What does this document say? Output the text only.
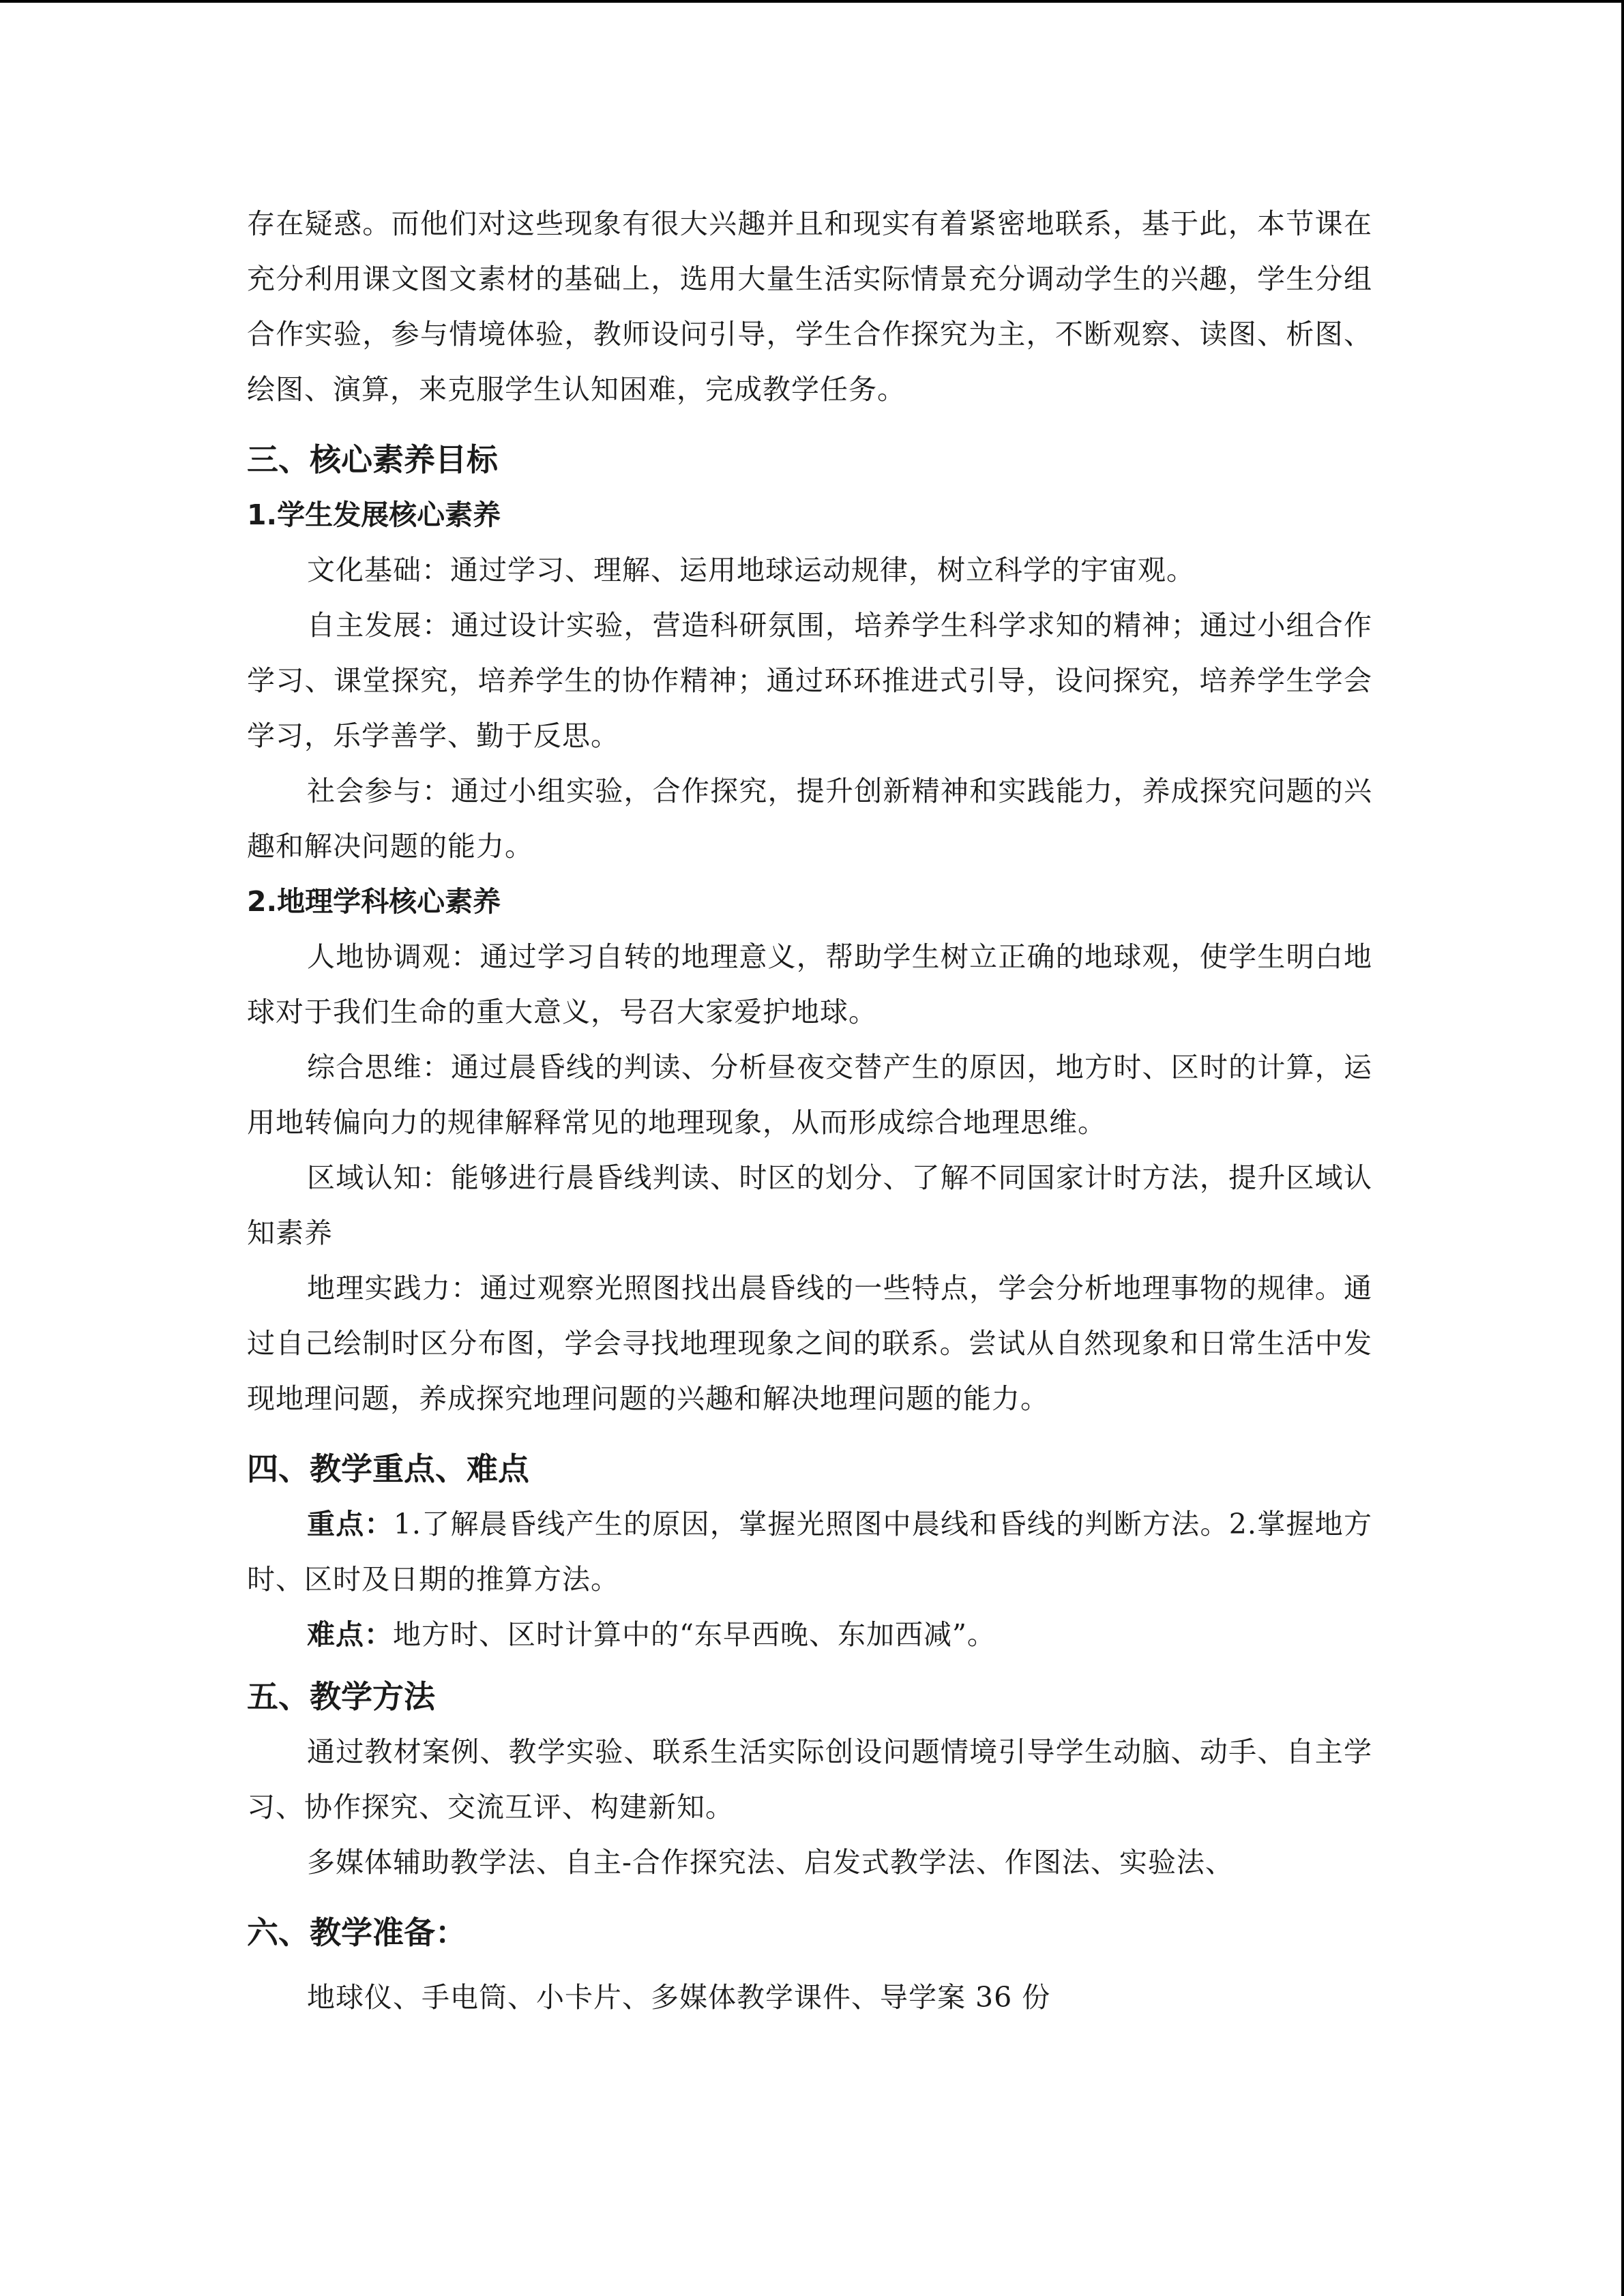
存在疑惑。而他们对这些现象有很大兴趣并且和现实有着紧密地联系，基于此，本节课在充分利用课文图文素材的基础上，选用大量生活实际情景充分调动学生的兴趣，学生分组合作实验，参与情境体验，教师设问引导，学生合作探究为主，不断观察、读图、析图、绘图、演算，来克服学生认知困难，完成教学任务。

三、核心素养目标
1.学生发展核心素养

文化基础：通过学习、理解、运用地球运动规律，树立科学的宇宙观。

自主发展：通过设计实验，营造科研氛围，培养学生科学求知的精神；通过小组合作学习、课堂探究，培养学生的协作精神；通过环环推进式引导，设问探究，培养学生学会学习，乐学善学、勤于反思。

社会参与：通过小组实验，合作探究，提升创新精神和实践能力，养成探究问题的兴趣和解决问题的能力。

2.地理学科核心素养

人地协调观：通过学习自转的地理意义，帮助学生树立正确的地球观，使学生明白地球对于我们生命的重大意义，号召大家爱护地球。

综合思维：通过晨昏线的判读、分析昼夜交替产生的原因，地方时、区时的计算，运用地转偏向力的规律解释常见的地理现象，从而形成综合地理思维。

区域认知：能够进行晨昏线判读、时区的划分、了解不同国家计时方法，提升区域认知素养

地理实践力：通过观察光照图找出晨昏线的一些特点，学会分析地理事物的规律。通过自己绘制时区分布图，学会寻找地理现象之间的联系。尝试从自然现象和日常生活中发现地理问题，养成探究地理问题的兴趣和解决地理问题的能力。

四、教学重点、难点

重点：1.了解晨昏线产生的原因，掌握光照图中晨线和昏线的判断方法。2.掌握地方时、区时及日期的推算方法。

难点：地方时、区时计算中的“东早西晚、东加西减”。

五、教学方法

通过教材案例、教学实验、联系生活实际创设问题情境引导学生动脑、动手、自主学习、协作探究、交流互评、构建新知。

多媒体辅助教学法、自主-合作探究法、启发式教学法、作图法、实验法、

六、教学准备：

地球仪、手电筒、小卡片、多媒体教学课件、导学案 36 份
